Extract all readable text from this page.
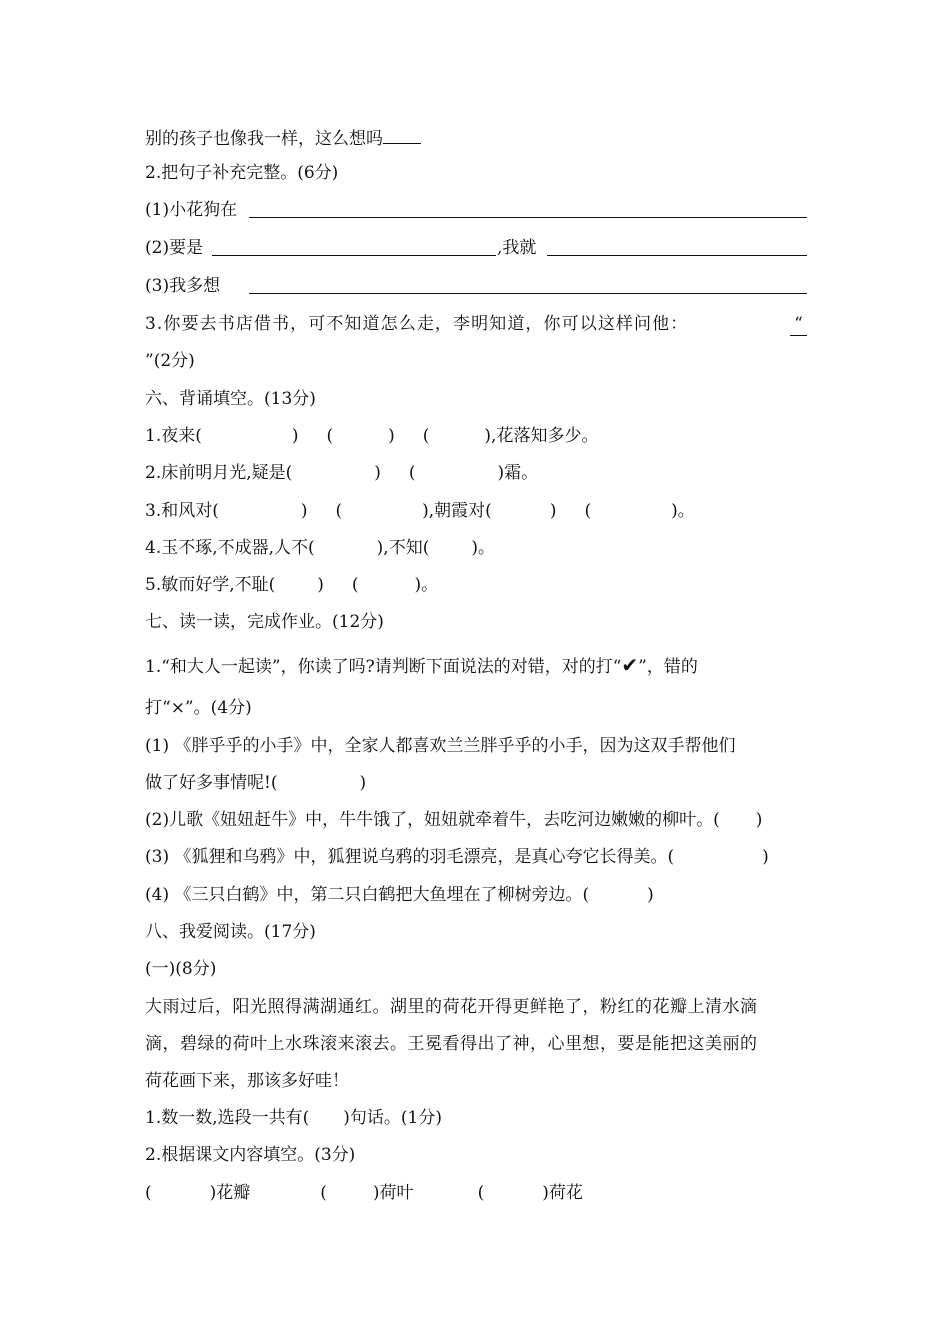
别的孩子也像我一样，这么想吗
2.把句子补充完整。(6分)
(1)小花狗在
(2)要是	,我就
(3)我多想
3.你要去书店借书，可不知道怎么走，李明知道，你可以这样问他：	“
”(2分)
六、背诵填空。(13分)
1.夜来(	) (	) (	),花落知多少。
2.床前明月光,疑是(	) (	)霜。
3.和风对(	) (	),朝霞对(	) (	)。
4.玉不琢,不成器,人不(	),不知( )。
5.敏而好学,不耻( ) (	)。
七、读一读，完成作业。(12分)
1.“和大人一起读”，你读了吗?请判断下面说法的对错，对的打“✔”，错的
打“×”。(4分)
(1) 《胖乎乎的小手》中，全家人都喜欢兰兰胖乎乎的小手，因为这双手帮他们
做了好多事情呢!(	)
(2)儿歌《妞妞赶牛》中，牛牛饿了，妞妞就牵着牛，去吃河边嫩嫩的柳叶。( )
(3) 《狐狸和乌鸦》中，狐狸说乌鸦的羽毛漂亮，是真心夸它长得美。(	)
(4) 《三只白鹤》中，第二只白鹤把大鱼埋在了柳树旁边。(	)
八、我爱阅读。(17分)
(一)(8分)
大雨过后，阳光照得满湖通红。湖里的荷花开得更鲜艳了，粉红的花瓣上清水滴
滴，碧绿的荷叶上水珠滚来滚去。王冕看得出了神，心里想，要是能把这美丽的
荷花画下来，那该多好哇！
1.数一数,选段一共有( )句话。(1分)
2.根据课文内容填空。(3分)
(	)花瓣	(	)荷叶	(	)荷花
